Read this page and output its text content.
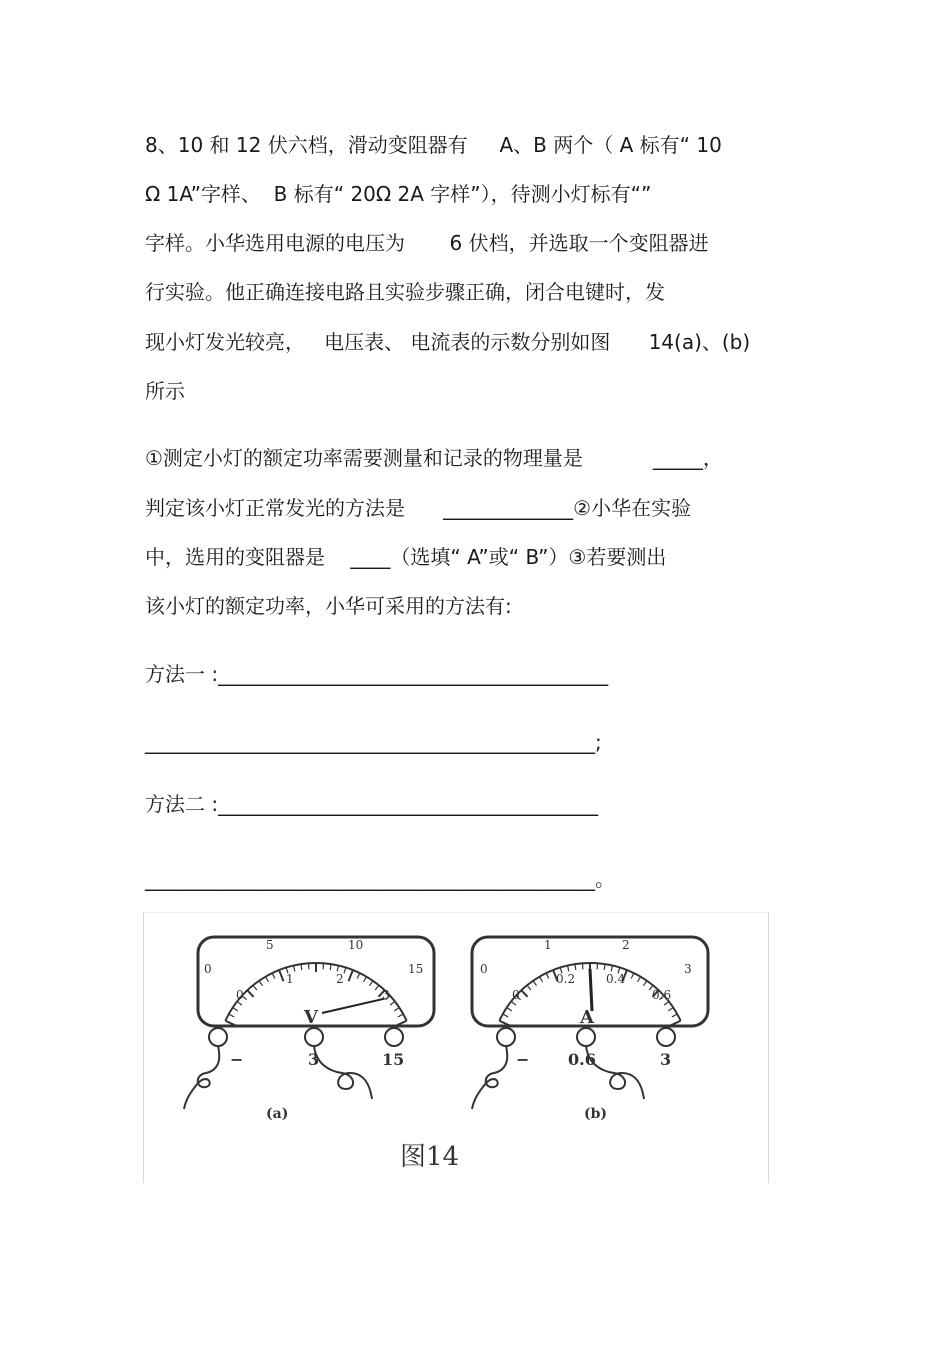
8、10 和 12 伏六档，滑动变阻器有     A、B 两个（ A 标有“ 10
Ω 1A”字样、  B 标有“ 20Ω 2A 字样”），待测小灯标有“”
字样。小华选用电源的电压为       6 伏档，并选取一个变阻器进
行实验。他正确连接电路且实验步骤正确，闭合电键时，发
现小灯发光较亮，   电压表、 电流表的示数分别如图      14(a)、(b)
所示
①测定小灯的额定功率需要测量和记录的物理量是           _____，
判定该小灯正常发光的方法是      _____________②小华在实验
中，选用的变阻器是    ____（选填“ A”或“ B”）③若要测出
该小灯的额定功率，小华可采用的方法有:
方法一 :_______________________________________
_____________________________________________;
方法二 :______________________________________
_____________________________________________。
0
5	10
15
0
1	2
3
V
−	3	15
(a)
0
1	2
3
0
0.2	0.4
0.6
A
− 0.6	3
(b)
图14
